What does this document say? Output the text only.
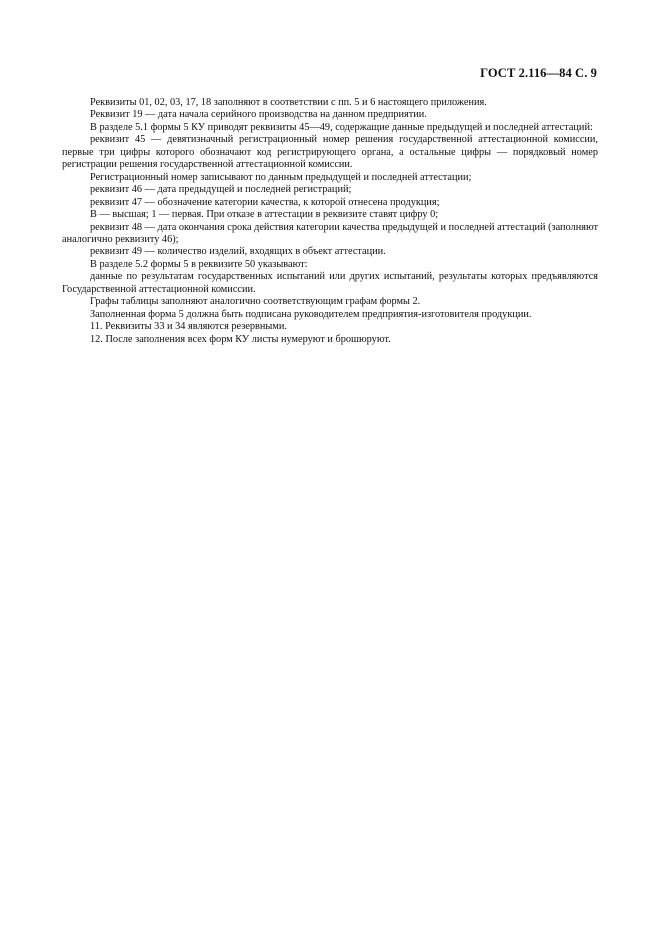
ГОСТ 2.116—84 С. 9

Реквизиты 01, 02, 03, 17, 18 заполняют в соответствии с пп. 5 и 6 настоящего приложения.

Реквизит 19 — дата начала серийного производства на данном предприятии.

В разделе 5.1 формы 5 КУ приводят реквизиты 45—49, содержащие данные предыдущей и последней аттестаций:

реквизит 45 — девятизначный регистрационный номер решения государственной аттестационной комиссии, первые три цифры которого обозначают код регистрирующего органа, а остальные цифры — порядковый номер регистрации решения государственной аттестационной комиссии.

Регистрационный номер записывают по данным предыдущей и последней аттестации;

реквизит 46 — дата предыдущей и последней регистраций;

реквизит 47 — обозначение категории качества, к которой отнесена продукция;

В — высшая; 1 — первая. При отказе в аттестации в реквизите ставят цифру 0;

реквизит 48 — дата окончания срока действия категории качества предыдущей и последней аттестаций (заполняют аналогично реквизиту 46);

реквизит 49 — количество изделий, входящих в объект аттестации.

В разделе 5.2 формы 5 в реквизите 50 указывают:

данные по результатам государственных испытаний или других испытаний, результаты которых предъявляются Государственной аттестационной комиссии.

Графы таблицы заполняют аналогично соответствующим графам формы 2.

Заполненная форма 5 должна быть подписана руководителем предприятия-изготовителя продукции.

11. Реквизиты 33 и 34 являются резервными.

12. После заполнения всех форм КУ листы нумеруют и брошюруют.
